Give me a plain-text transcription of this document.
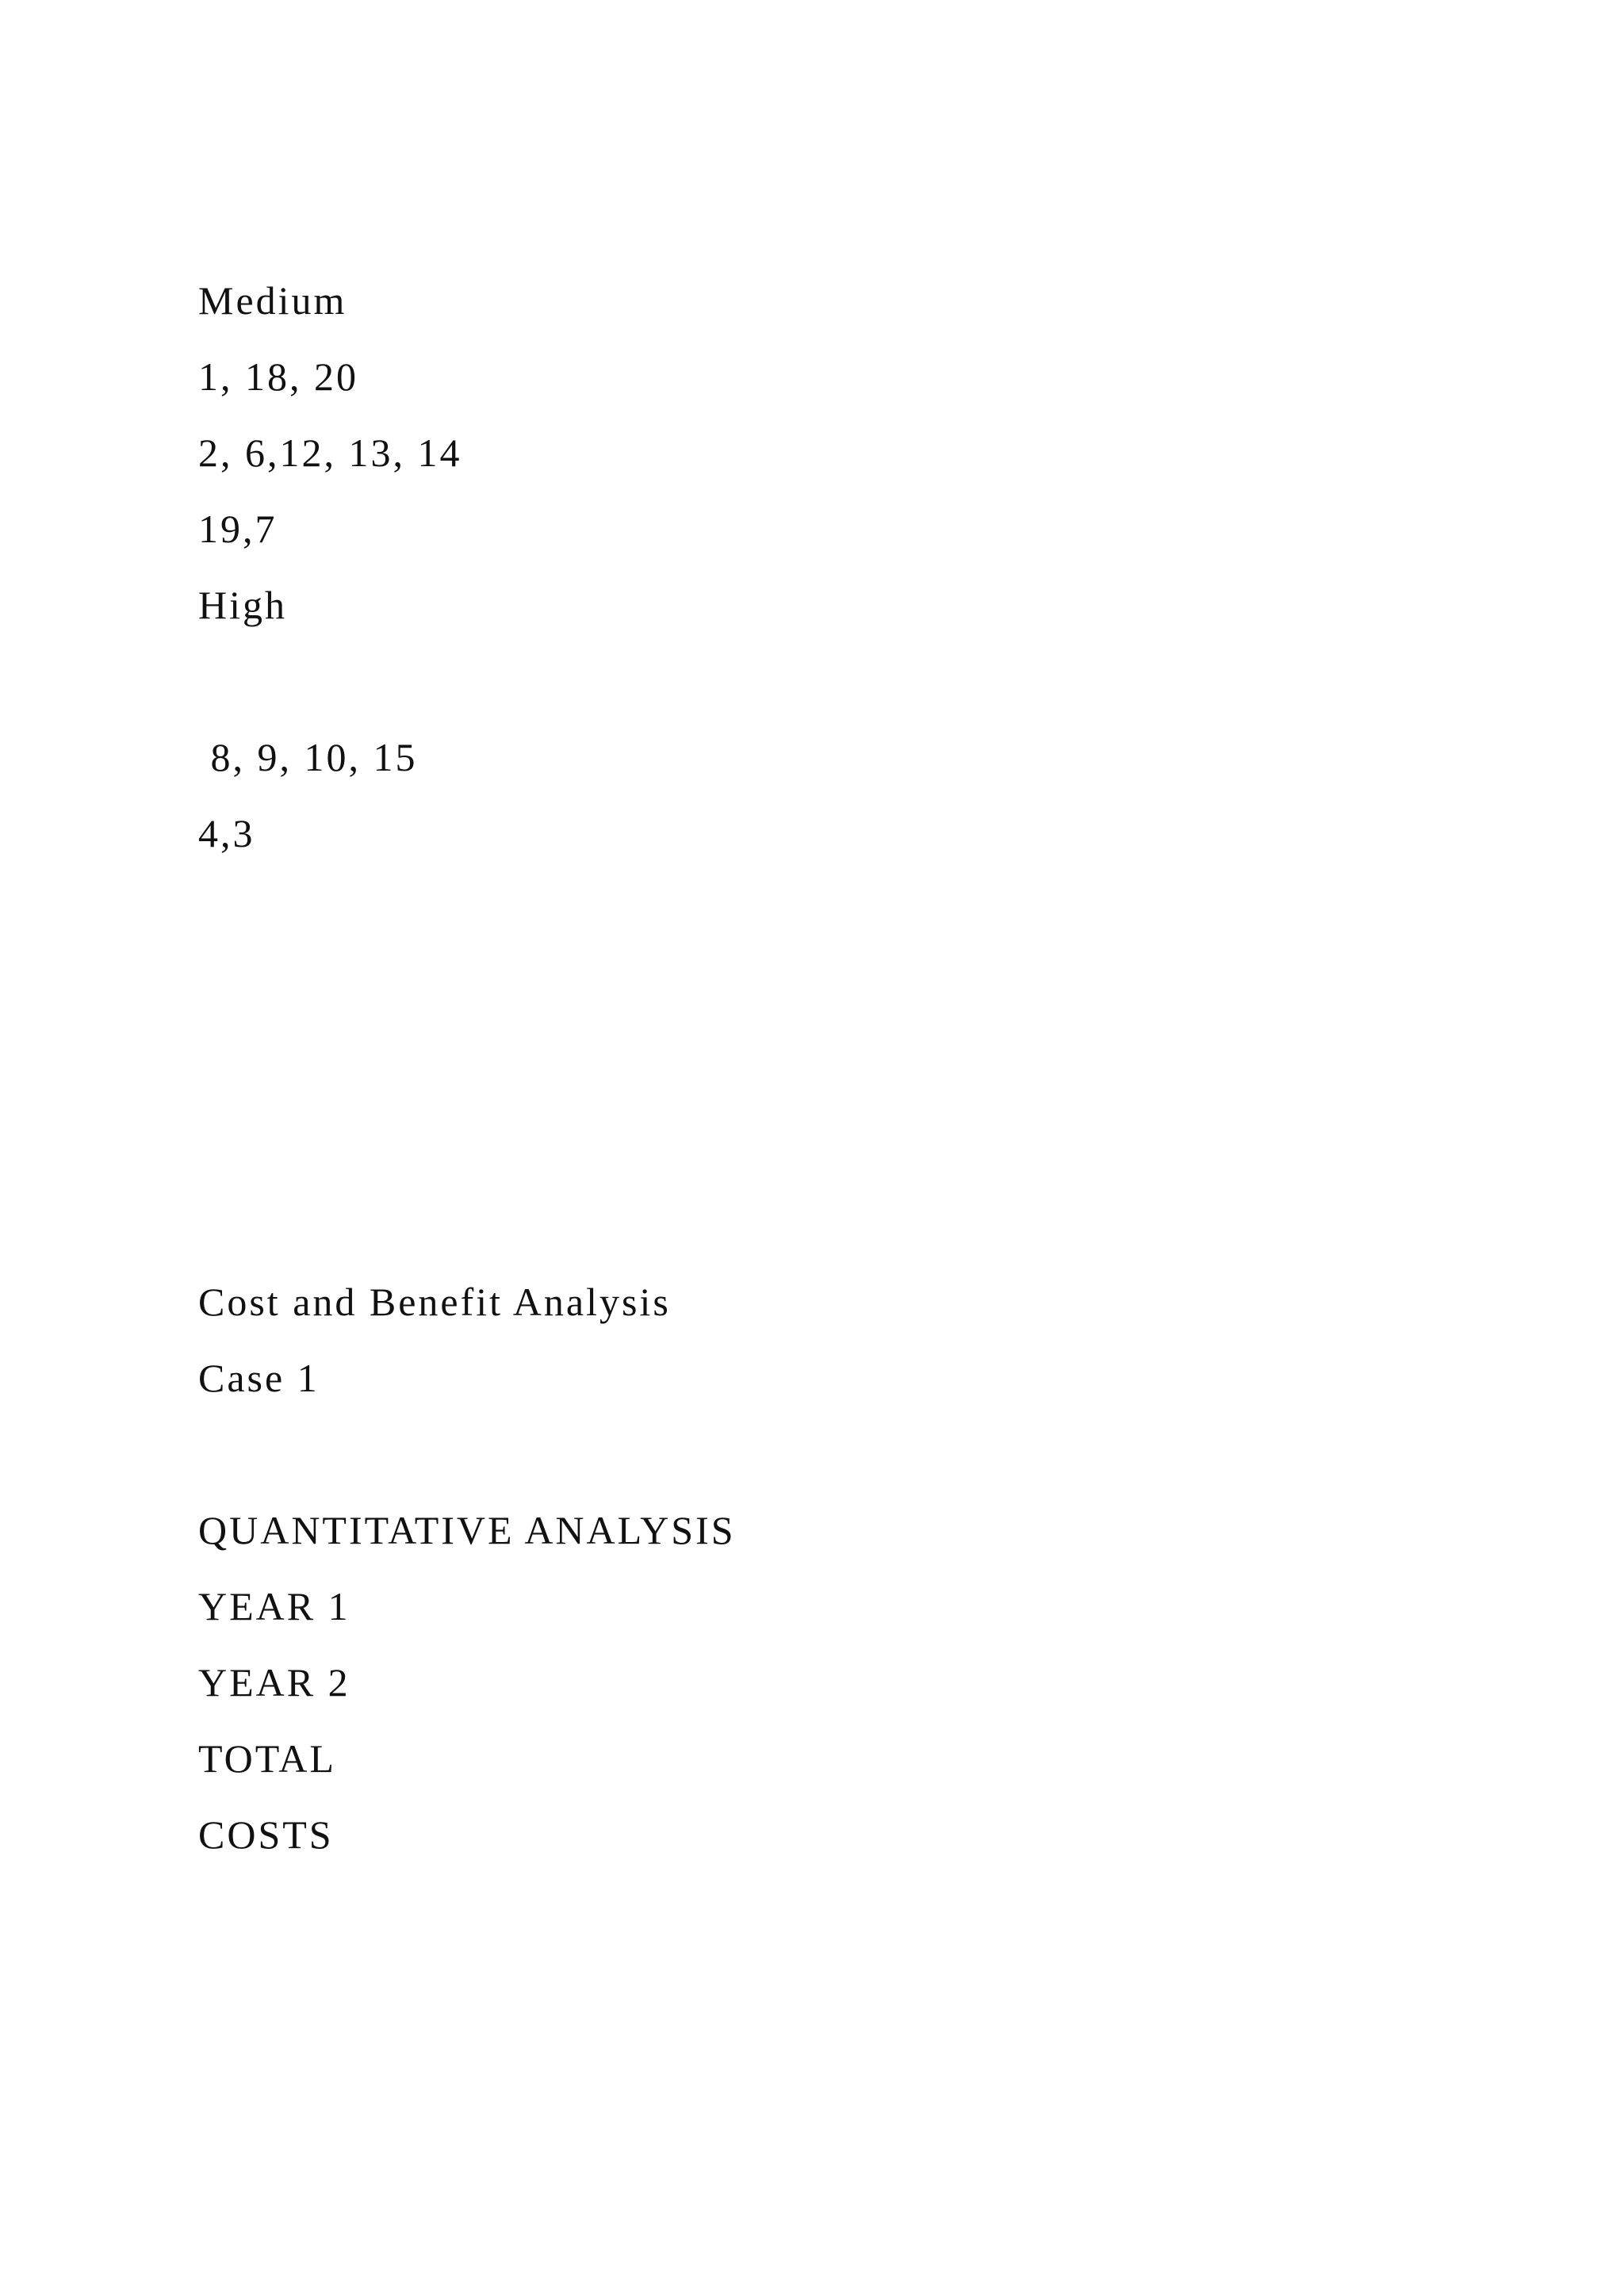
Medium
1, 18, 20
2, 6,12, 13, 14
19,7
High
8, 9, 10, 15
4,3
Cost and Benefit Analysis
Case 1
QUANTITATIVE ANALYSIS
YEAR 1
YEAR 2
TOTAL
COSTS
